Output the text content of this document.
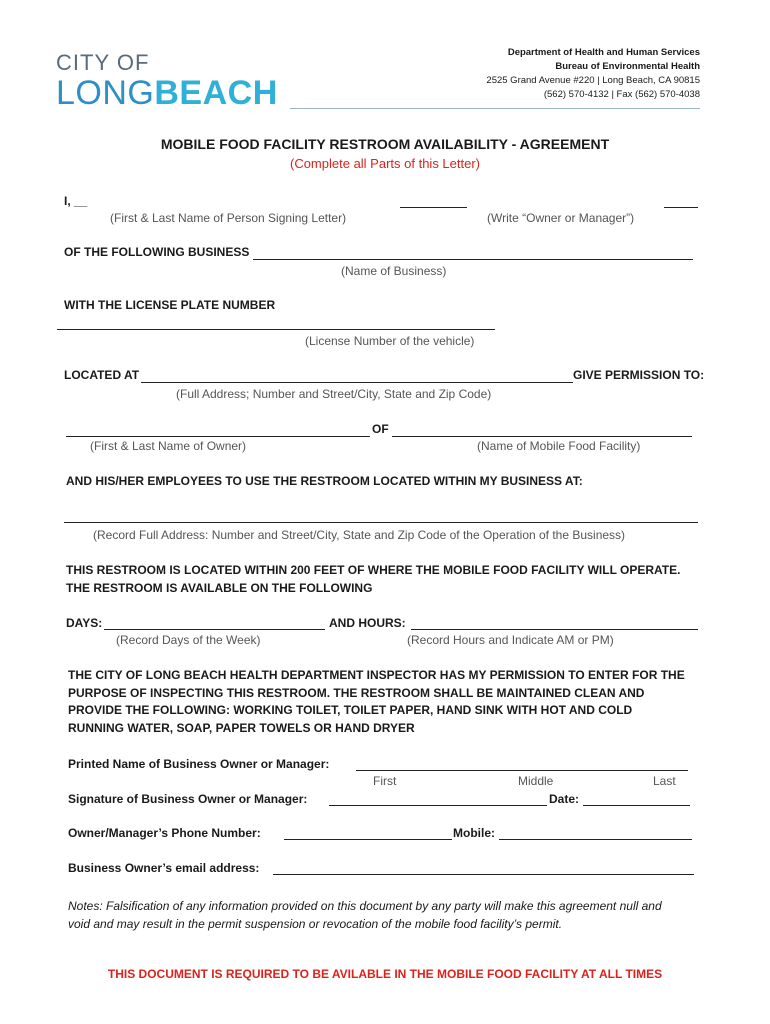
CITY OF
LONGBEACH
Department of Health and Human Services
Bureau of Environmental Health
2525 Grand Avenue #220 | Long Beach, CA 90815
(562) 570-4132 | Fax (562) 570-4038
MOBILE FOOD FACILITY RESTROOM AVAILABILITY - AGREEMENT
(Complete all Parts of this Letter)
I, __
(First & Last Name of Person Signing Letter)	(Write “Owner or Manager”)
OF THE FOLLOWING BUSINESS
(Name of Business)
WITH THE LICENSE PLATE NUMBER
(License Number of the vehicle)
LOCATED AT	GIVE PERMISSION TO:
(Full Address; Number and Street/City, State and Zip Code)
OF
(First & Last Name of Owner)	(Name of Mobile Food Facility)
AND HIS/HER EMPLOYEES TO USE THE RESTROOM LOCATED WITHIN MY BUSINESS AT:
(Record Full Address: Number and Street/City, State and Zip Code of the Operation of the Business)
THIS RESTROOM IS LOCATED WITHIN 200 FEET OF WHERE THE MOBILE FOOD FACILITY WILL OPERATE.
THE RESTROOM IS AVAILABLE ON THE FOLLOWING
DAYS:	AND HOURS:
(Record Days of the Week)	(Record Hours and Indicate AM or PM)
THE CITY OF LONG BEACH HEALTH DEPARTMENT INSPECTOR HAS MY PERMISSION TO ENTER FOR THE
PURPOSE OF INSPECTING THIS RESTROOM. THE RESTROOM SHALL BE MAINTAINED CLEAN AND
PROVIDE THE FOLLOWING: WORKING TOILET, TOILET PAPER, HAND SINK WITH HOT AND COLD
RUNNING WATER, SOAP, PAPER TOWELS OR HAND DRYER
Printed Name of Business Owner or Manager:
First	Middle	Last
Signature of Business Owner or Manager:	Date:
Owner/Manager’s Phone Number:	Mobile:
Business Owner’s email address:
Notes: Falsification of any information provided on this document by any party will make this agreement null and
void and may result in the permit suspension or revocation of the mobile food facility’s permit.
THIS DOCUMENT IS REQUIRED TO BE AVILABLE IN THE MOBILE FOOD FACILITY AT ALL TIMES
